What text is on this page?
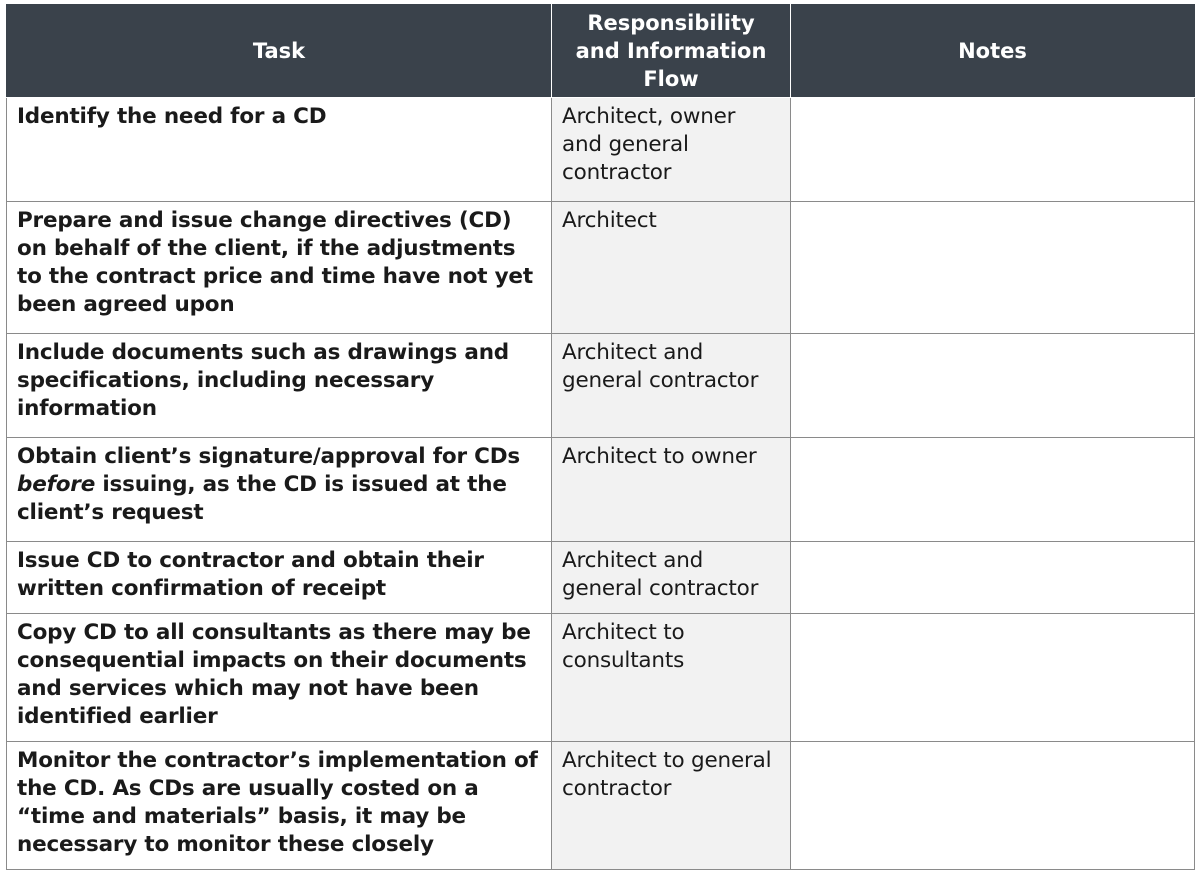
Task	Responsibility and Information Flow	Notes
Identify the need for a CD	Architect, owner and general contractor	
Prepare and issue change directives (CD) on behalf of the client, if the adjustments to the contract price and time have not yet been agreed upon	Architect	
Include documents such as drawings and specifications, including necessary information	Architect and general contractor	
Obtain client’s signature/approval for CDs before issuing, as the CD is issued at the client’s request	Architect to owner	
Issue CD to contractor and obtain their written confirmation of receipt	Architect and general contractor	
Copy CD to all consultants as there may be consequential impacts on their documents and services which may not have been identified earlier	Architect to consultants	
Monitor the contractor’s implementation of the CD. As CDs are usually costed on a “time and materials” basis, it may be necessary to monitor these closely	Architect to general contractor	
